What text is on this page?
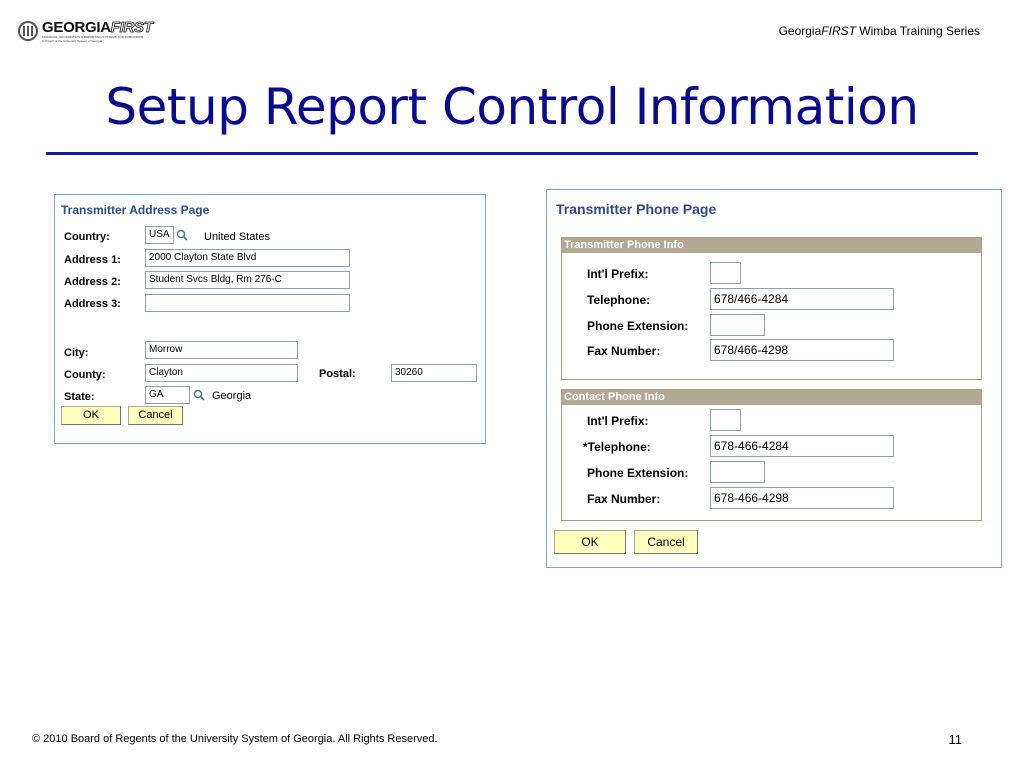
GEORGIAFIRST
FINANCIAL, INFORMATION & REPORTING SYSTEMS FOR TOMORROW
A Project of the University System of Georgia
GeorgiaFIRST Wimba Training Series
Setup Report Control Information
Transmitter Address Page
Country:	USA	United States
Address 1:	2000 Clayton State Blvd
Address 2:	Student Svcs Bldg, Rm 276-C
Address 3:
City:	Morrow
County:	Clayton	Postal:	30260
State:	GA	Georgia
OK	Cancel
Transmitter Phone Page
Transmitter Phone Info
Int'l Prefix:
Telephone:	678/466-4284
Phone Extension:
Fax Number:	678/466-4298
Contact Phone Info
Int'l Prefix:
*Telephone:	678-466-4284
Phone Extension:
Fax Number:	678-466-4298
OK	Cancel
© 2010 Board of Regents of the University System of Georgia. All Rights Reserved.	11
